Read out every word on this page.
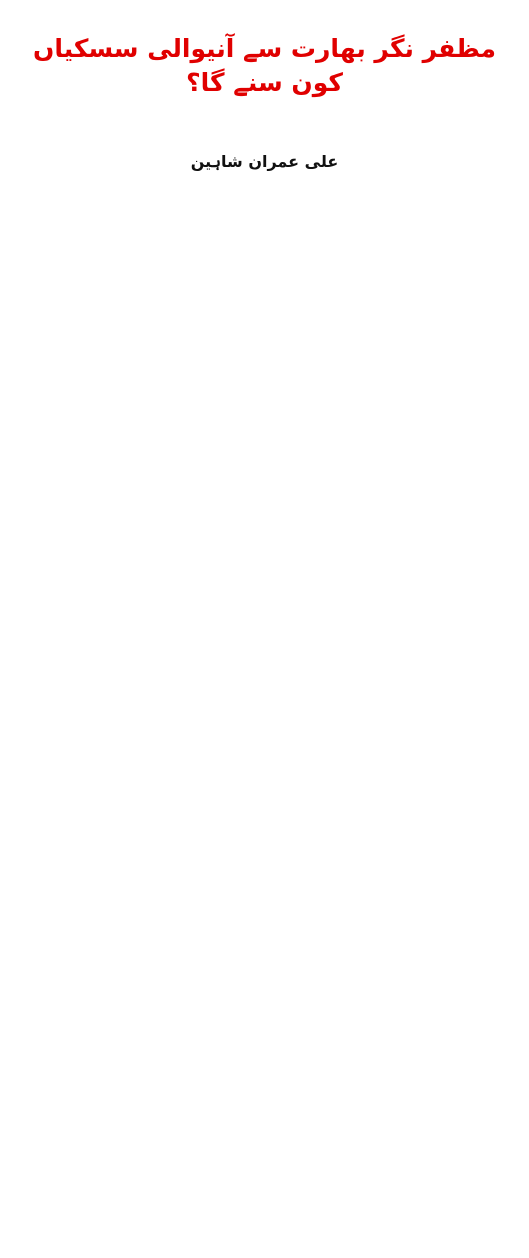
مظفر نگر بھارت سے آنیوالی سسکیاں کون سنے گا؟
علی عمران شاہین
